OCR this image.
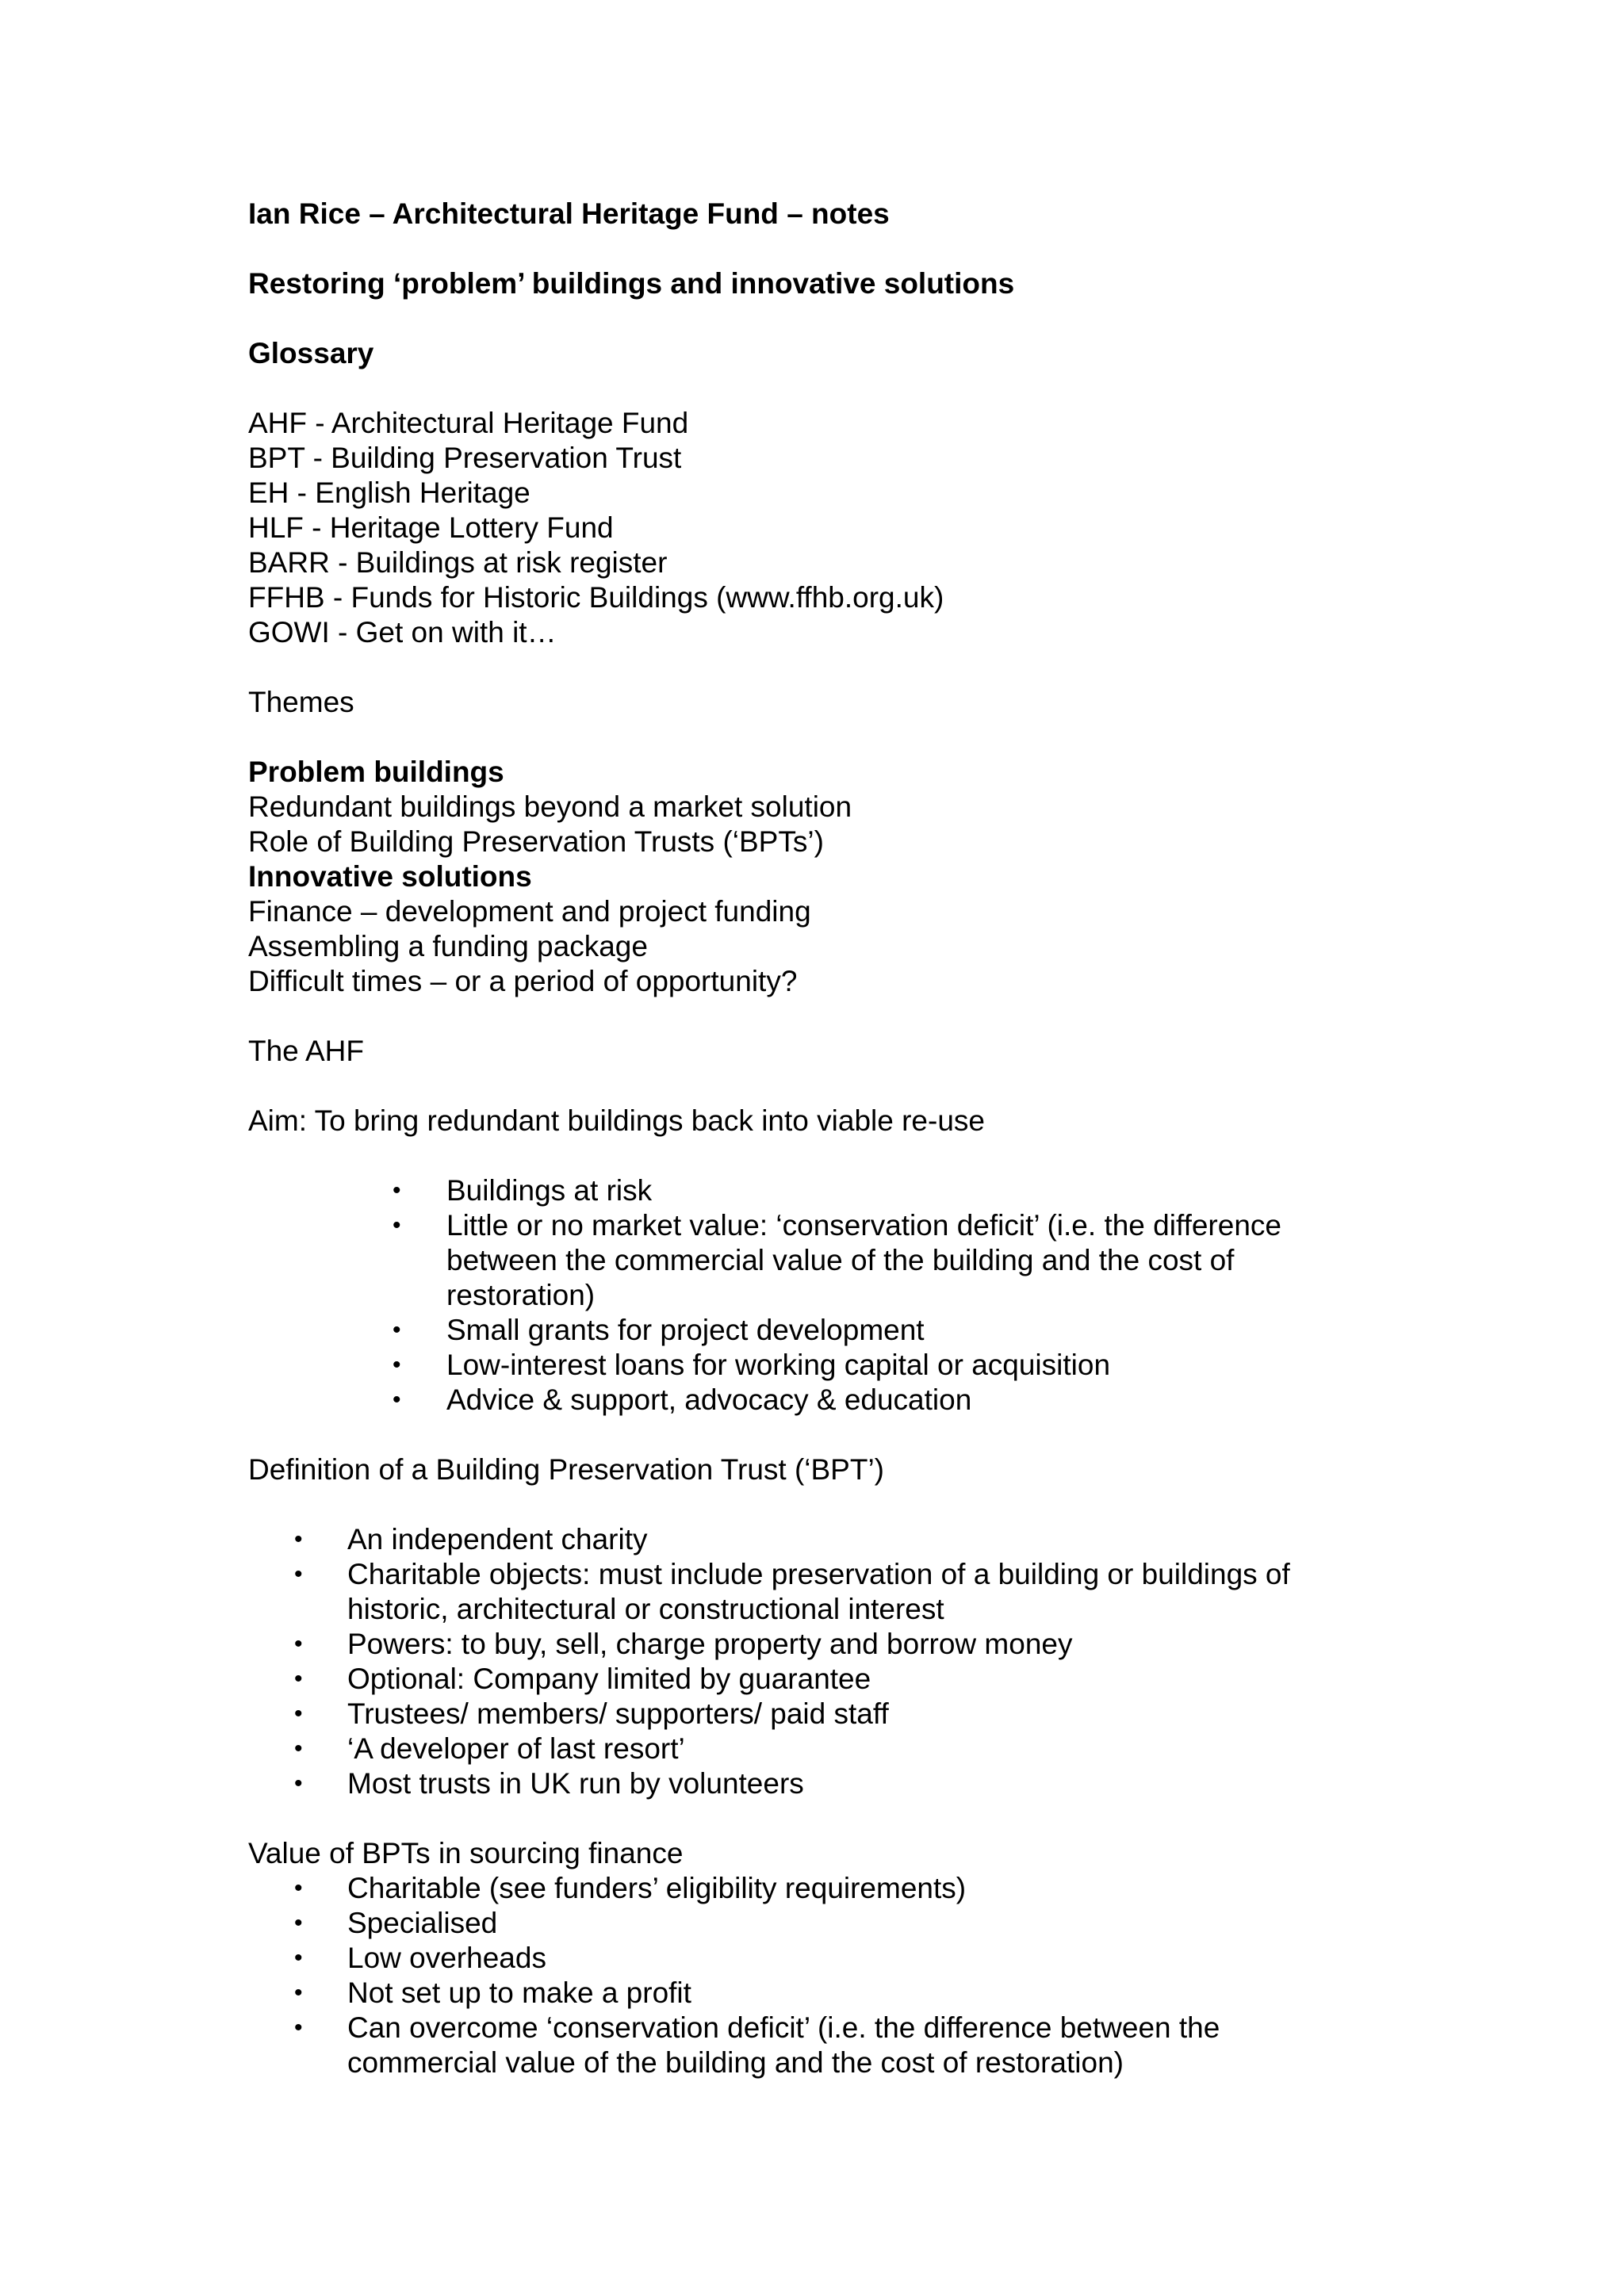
Ian Rice – Architectural Heritage Fund – notes

Restoring ‘problem’ buildings and innovative solutions

Glossary

AHF - Architectural Heritage Fund

BPT - Building Preservation Trust

EH - English Heritage

HLF - Heritage Lottery Fund

BARR - Buildings at risk register

FFHB - Funds for Historic Buildings (www.ffhb.org.uk)

GOWI - Get on with it…

Themes

Problem buildings

Redundant buildings beyond a market solution

Role of Building Preservation Trusts (‘BPTs’)

Innovative solutions

Finance – development and project funding

Assembling a funding package

Difficult times – or a period of opportunity?

The AHF

Aim: To bring redundant buildings back into viable re-use

• Buildings at risk
• Little or no market value: ‘conservation deficit’ (i.e. the difference between the commercial value of the building and the cost of restoration)
• Small grants for project development
• Low-interest loans for working capital or acquisition
• Advice & support, advocacy & education

Definition of a Building Preservation Trust (‘BPT’)

• An independent charity
• Charitable objects: must include preservation of a building or buildings of historic, architectural or constructional interest
• Powers: to buy, sell, charge property and borrow money
• Optional: Company limited by guarantee
• Trustees/ members/ supporters/ paid staff
• ‘A developer of last resort’
• Most trusts in UK run by volunteers

Value of BPTs in sourcing finance

• Charitable (see funders’ eligibility requirements)
• Specialised
• Low overheads
• Not set up to make a profit
• Can overcome ‘conservation deficit’ (i.e. the difference between the commercial value of the building and the cost of restoration)
